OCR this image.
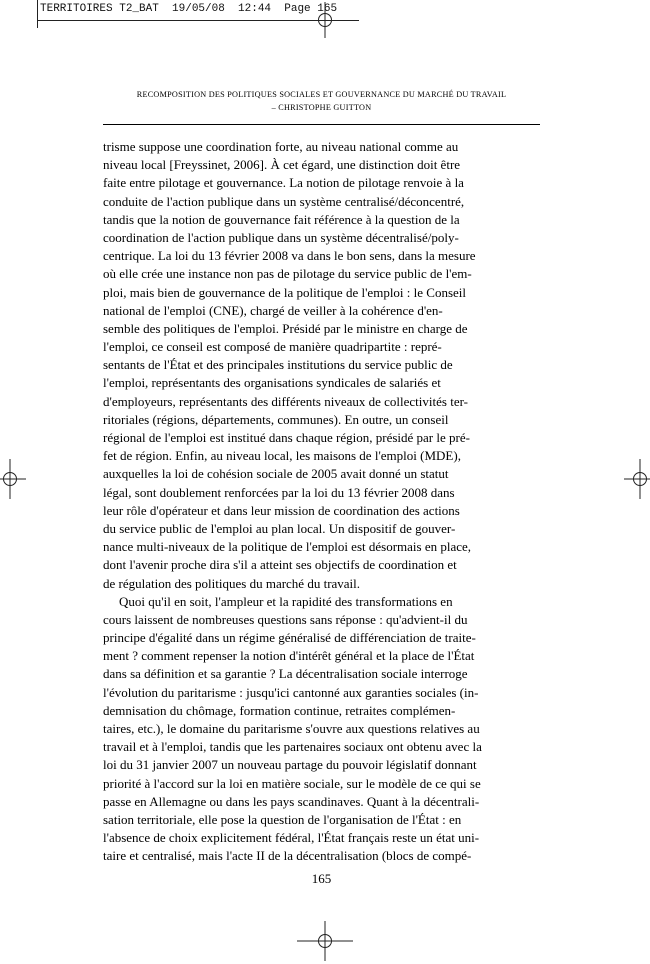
TERRITOIRES T2_BAT  19/05/08  12:44  Page 165
RECOMPOSITION DES POLITIQUES SOCIALES ET GOUVERNANCE DU MARCHÉ DU TRAVAIL
– CHRISTOPHE GUITTON
trisme suppose une coordination forte, au niveau national comme au
niveau local [Freyssinet, 2006]. À cet égard, une distinction doit être
faite entre pilotage et gouvernance. La notion de pilotage renvoie à la
conduite de l'action publique dans un système centralisé/déconcentré,
tandis que la notion de gouvernance fait référence à la question de la
coordination de l'action publique dans un système décentralisé/poly-
centrique. La loi du 13 février 2008 va dans le bon sens, dans la mesure
où elle crée une instance non pas de pilotage du service public de l'em-
ploi, mais bien de gouvernance de la politique de l'emploi : le Conseil
national de l'emploi (CNE), chargé de veiller à la cohérence d'en-
semble des politiques de l'emploi. Présidé par le ministre en charge de
l'emploi, ce conseil est composé de manière quadripartite : repré-
sentants de l'État et des principales institutions du service public de
l'emploi, représentants des organisations syndicales de salariés et
d'employeurs, représentants des différents niveaux de collectivités ter-
ritoriales (régions, départements, communes). En outre, un conseil
régional de l'emploi est institué dans chaque région, présidé par le pré-
fet de région. Enfin, au niveau local, les maisons de l'emploi (MDE),
auxquelles la loi de cohésion sociale de 2005 avait donné un statut
légal, sont doublement renforcées par la loi du 13 février 2008 dans
leur rôle d'opérateur et dans leur mission de coordination des actions
du service public de l'emploi au plan local. Un dispositif de gouver-
nance multi-niveaux de la politique de l'emploi est désormais en place,
dont l'avenir proche dira s'il a atteint ses objectifs de coordination et
de régulation des politiques du marché du travail.
Quoi qu'il en soit, l'ampleur et la rapidité des transformations en
cours laissent de nombreuses questions sans réponse : qu'advient-il du
principe d'égalité dans un régime généralisé de différenciation de traite-
ment ? comment repenser la notion d'intérêt général et la place de l'État
dans sa définition et sa garantie ? La décentralisation sociale interroge
l'évolution du paritarisme : jusqu'ici cantonné aux garanties sociales (in-
demnisation du chômage, formation continue, retraites complémen-
taires, etc.), le domaine du paritarisme s'ouvre aux questions relatives au
travail et à l'emploi, tandis que les partenaires sociaux ont obtenu avec la
loi du 31 janvier 2007 un nouveau partage du pouvoir législatif donnant
priorité à l'accord sur la loi en matière sociale, sur le modèle de ce qui se
passe en Allemagne ou dans les pays scandinaves. Quant à la décentrali-
sation territoriale, elle pose la question de l'organisation de l'État : en
l'absence de choix explicitement fédéral, l'État français reste un état uni-
taire et centralisé, mais l'acte II de la décentralisation (blocs de compé-
165
